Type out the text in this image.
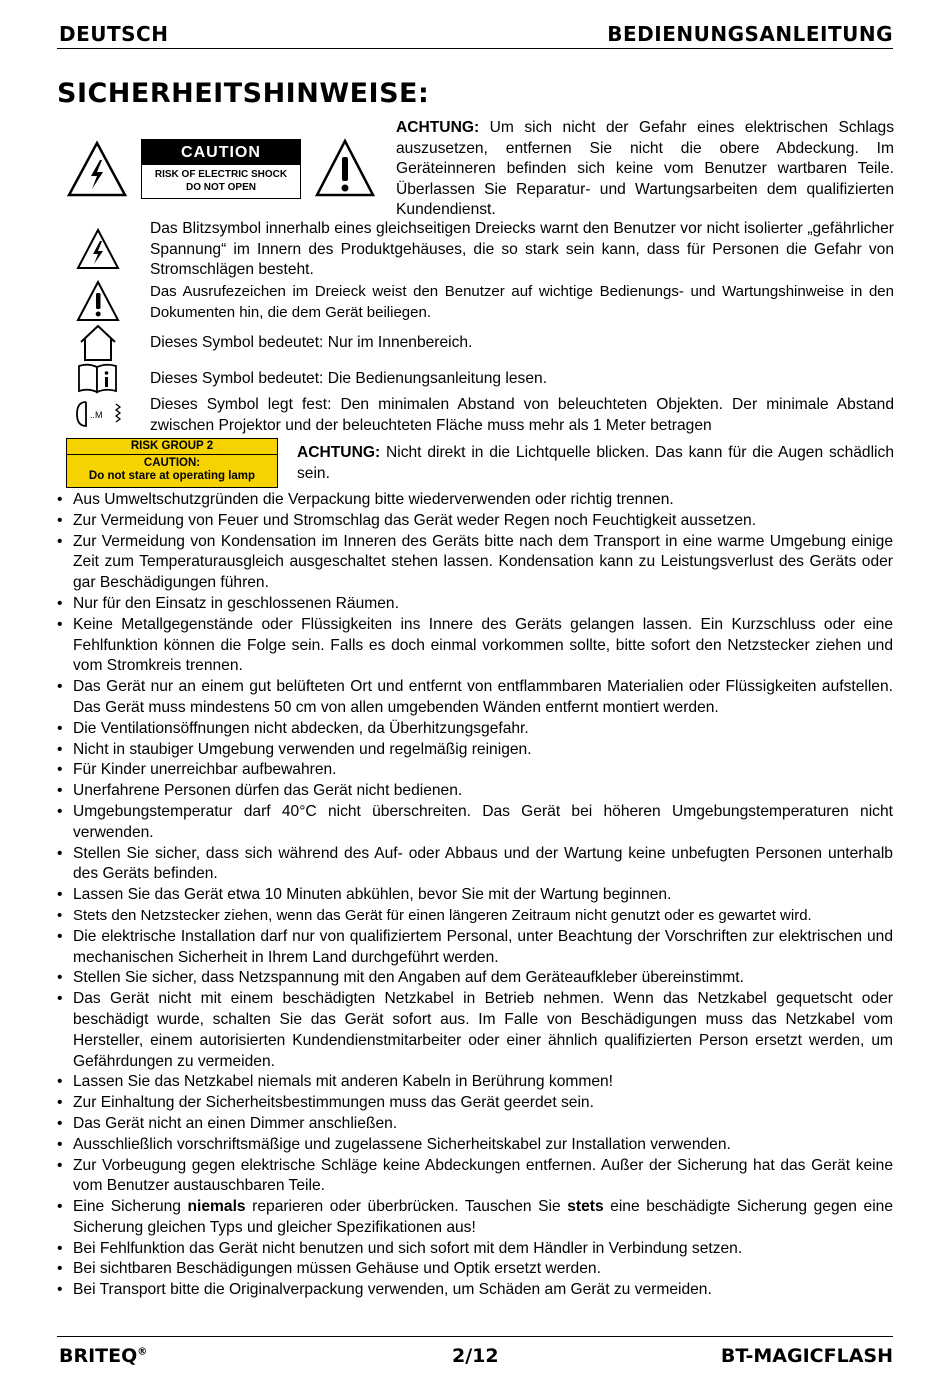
DEUTSCH	BEDIENUNGSANLEITUNG
SICHERHEITSHINWEISE:
CAUTION
RISK OF ELECTRIC SHOCK
DO NOT OPEN
ACHTUNG: Um sich nicht der Gefahr eines elektrischen Schlags auszusetzen, entfernen Sie nicht die obere Abdeckung. Im Geräteinneren befinden sich keine vom Benutzer wartbaren Teile. Überlassen Sie Reparatur- und Wartungsarbeiten dem qualifizierten Kundendienst.
Das Blitzsymbol innerhalb eines gleichseitigen Dreiecks warnt den Benutzer vor nicht isolierter „gefährlicher Spannung“ im Innern des Produktgehäuses, die so stark sein kann, dass für Personen die Gefahr von Stromschlägen besteht.
Das Ausrufezeichen im Dreieck weist den Benutzer auf wichtige Bedienungs- und Wartungshinweise in den Dokumenten hin, die dem Gerät beiliegen.
Dieses Symbol bedeutet: Nur im Innenbereich.
Dieses Symbol bedeutet: Die Bedienungsanleitung lesen.
..M
Dieses Symbol legt fest: Den minimalen Abstand von beleuchteten Objekten. Der minimale Abstand zwischen Projektor und der beleuchteten Fläche muss mehr als 1 Meter betragen
RISK GROUP 2
CAUTION:
Do not stare at operating lamp
ACHTUNG: Nicht direkt in die Lichtquelle blicken. Das kann für die Augen schädlich sein.
• Aus Umweltschutzgründen die Verpackung bitte wiederverwenden oder richtig trennen.
• Zur Vermeidung von Feuer und Stromschlag das Gerät weder Regen noch Feuchtigkeit aussetzen.
• Zur Vermeidung von Kondensation im Inneren des Geräts bitte nach dem Transport in eine warme Umgebung einige Zeit zum Temperaturausgleich ausgeschaltet stehen lassen. Kondensation kann zu Leistungsverlust des Geräts oder gar Beschädigungen führen.
• Nur für den Einsatz in geschlossenen Räumen.
• Keine Metallgegenstände oder Flüssigkeiten ins Innere des Geräts gelangen lassen. Ein Kurzschluss oder eine Fehlfunktion können die Folge sein. Falls es doch einmal vorkommen sollte, bitte sofort den Netzstecker ziehen und vom Stromkreis trennen.
• Das Gerät nur an einem gut belüfteten Ort und entfernt von entflammbaren Materialien oder Flüssigkeiten aufstellen. Das Gerät muss mindestens 50 cm von allen umgebenden Wänden entfernt montiert werden.
• Die Ventilationsöffnungen nicht abdecken, da Überhitzungsgefahr.
• Nicht in staubiger Umgebung verwenden und regelmäßig reinigen.
• Für Kinder unerreichbar aufbewahren.
• Unerfahrene Personen dürfen das Gerät nicht bedienen.
• Umgebungstemperatur darf 40°C nicht überschreiten. Das Gerät bei höheren Umgebungstemperaturen nicht verwenden.
• Stellen Sie sicher, dass sich während des Auf- oder Abbaus und der Wartung keine unbefugten Personen unterhalb des Geräts befinden.
• Lassen Sie das Gerät etwa 10 Minuten abkühlen, bevor Sie mit der Wartung beginnen.
• Stets den Netzstecker ziehen, wenn das Gerät für einen längeren Zeitraum nicht genutzt oder es gewartet wird.
• Die elektrische Installation darf nur von qualifiziertem Personal, unter Beachtung der Vorschriften zur elektrischen und mechanischen Sicherheit in Ihrem Land durchgeführt werden.
• Stellen Sie sicher, dass Netzspannung mit den Angaben auf dem Geräteaufkleber übereinstimmt.
• Das Gerät nicht mit einem beschädigten Netzkabel in Betrieb nehmen. Wenn das Netzkabel gequetscht oder beschädigt wurde, schalten Sie das Gerät sofort aus. Im Falle von Beschädigungen muss das Netzkabel vom Hersteller, einem autorisierten Kundendienstmitarbeiter oder einer ähnlich qualifizierten Person ersetzt werden, um Gefährdungen zu vermeiden.
• Lassen Sie das Netzkabel niemals mit anderen Kabeln in Berührung kommen!
• Zur Einhaltung der Sicherheitsbestimmungen muss das Gerät geerdet sein.
• Das Gerät nicht an einen Dimmer anschließen.
• Ausschließlich vorschriftsmäßige und zugelassene Sicherheitskabel zur Installation verwenden.
• Zur Vorbeugung gegen elektrische Schläge keine Abdeckungen entfernen. Außer der Sicherung hat das Gerät keine vom Benutzer austauschbaren Teile.
• Eine Sicherung niemals reparieren oder überbrücken. Tauschen Sie stets eine beschädigte Sicherung gegen eine Sicherung gleichen Typs und gleicher Spezifikationen aus!
• Bei Fehlfunktion das Gerät nicht benutzen und sich sofort mit dem Händler in Verbindung setzen.
• Bei sichtbaren Beschädigungen müssen Gehäuse und Optik ersetzt werden.
• Bei Transport bitte die Originalverpackung verwenden, um Schäden am Gerät zu vermeiden.
BRITEQ®	2/12	BT-MAGICFLASH
